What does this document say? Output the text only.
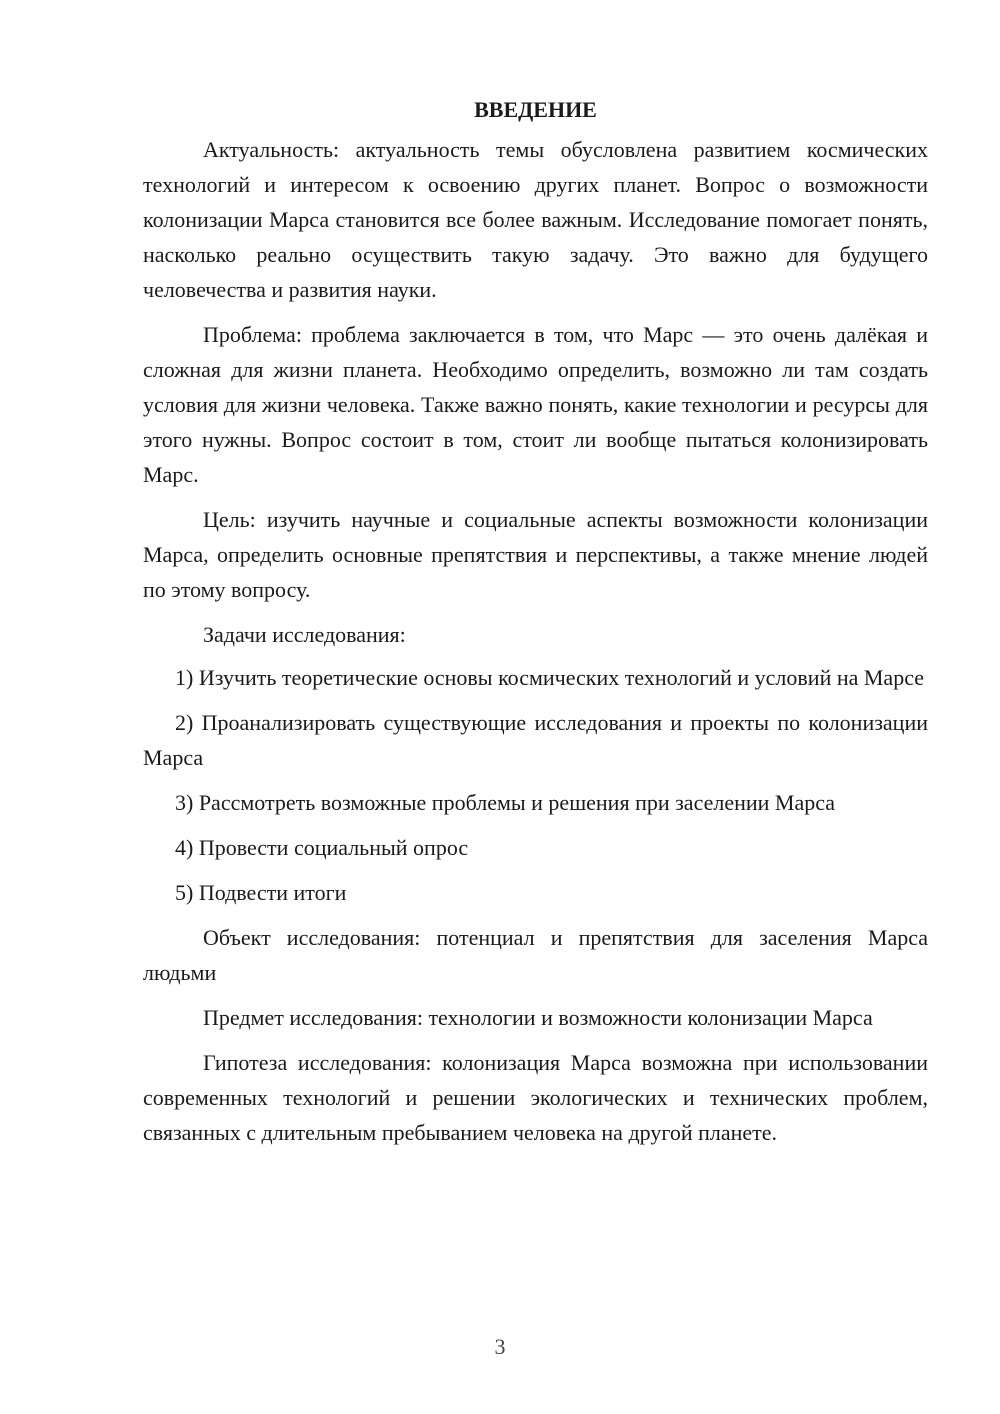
ВВЕДЕНИЕ

Актуальность: актуальность темы обусловлена развитием космических технологий и интересом к освоению других планет. Вопрос о возможности колонизации Марса становится все более важным. Исследование помогает понять, насколько реально осуществить такую задачу. Это важно для будущего человечества и развития науки.

Проблема: проблема заключается в том, что Марс — это очень далёкая и сложная для жизни планета. Необходимо определить, возможно ли там создать условия для жизни человека. Также важно понять, какие технологии и ресурсы для этого нужны. Вопрос состоит в том, стоит ли вообще пытаться колонизировать Марс.

Цель: изучить научные и социальные аспекты возможности колонизации Марса, определить основные препятствия и перспективы, а также мнение людей по этому вопросу.

Задачи исследования:

1) Изучить теоретические основы космических технологий и условий на Марсе

2) Проанализировать существующие исследования и проекты по колонизации Марса

3) Рассмотреть возможные проблемы и решения при заселении Марса

4) Провести социальный опрос

5) Подвести итоги

Объект исследования: потенциал и препятствия для заселения Марса людьми

Предмет исследования: технологии и возможности колонизации Марса

Гипотеза исследования: колонизация Марса возможна при использовании современных технологий и решении экологических и технических проблем, связанных с длительным пребыванием человека на другой планете.

3
